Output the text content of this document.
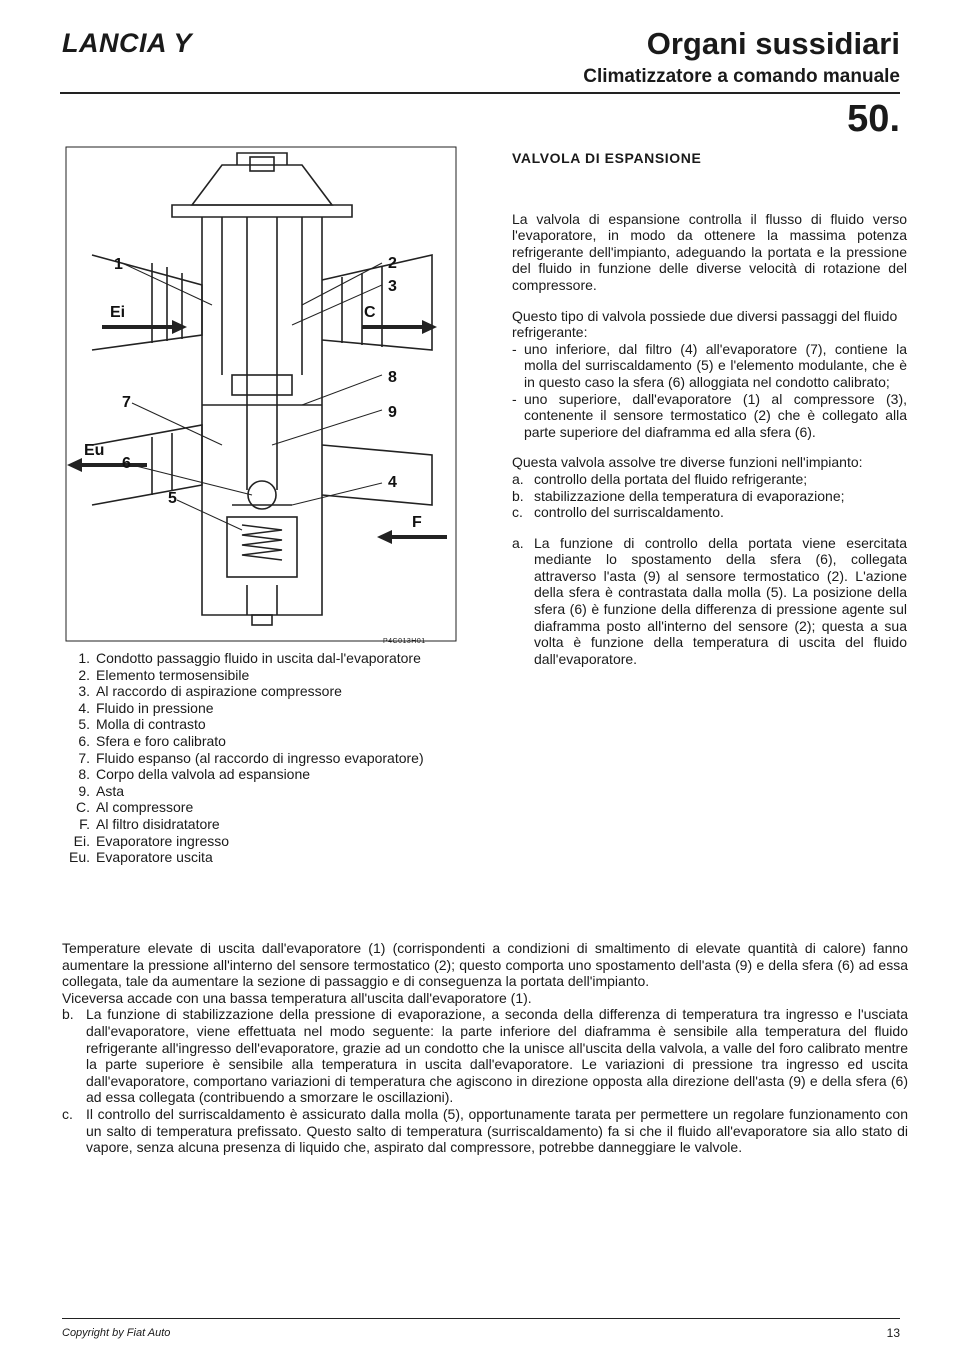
LANCIA Y	Organi sussidiari
Climatizzatore a comando manuale
50.
1	2
3
C
Ei
7
8
9
Eu
6
4
5
F
P4C013H01
1. Condotto passaggio fluido in uscita dal-l'evaporatore
2. Elemento termosensibile
3. Al raccordo di aspirazione compressore
4. Fluido in pressione
5. Molla di contrasto
6. Sfera e foro calibrato
7. Fluido espanso (al raccordo di ingresso evaporatore)
8. Corpo della valvola ad espansione
9. Asta
C. Al compressore
F. Al filtro disidratatore
Ei. Evaporatore ingresso
Eu. Evaporatore uscita
VALVOLA DI ESPANSIONE

La valvola di espansione controlla il flusso di fluido verso l'evaporatore, in modo da ottenere la massima potenza refrigerante dell'impianto, adeguando la portata e la pressione del fluido in funzione delle diverse velocità di rotazione del compressore.

Questo tipo di valvola possiede due diversi passaggi del fluido refrigerante:
- uno inferiore, dal filtro (4) all'evaporatore (7), contiene la molla del surriscaldamento (5) e l'elemento modulante, che è in questo caso la sfera (6) alloggiata nel condotto calibrato;
- uno superiore, dall'evaporatore (1) al compressore (3), contenente il sensore termostatico (2) che è collegato alla parte superiore del diaframma ed alla sfera (6).
Questa valvola assolve tre diverse funzioni nell'impianto:
a. controllo della portata del fluido refrigerante;
b. stabilizzazione della temperatura di evaporazione;
c. controllo del surriscaldamento.
a. La funzione di controllo della portata viene esercitata mediante lo spostamento della sfera (6), collegata attraverso l'asta (9) al sensore termostatico (2). L'azione della sfera è contrastata dalla molla (5). La posizione della sfera (6) è funzione della differenza di pressione agente sul diaframma posto all'interno del sensore (2); questa a sua volta è funzione della temperatura di uscita del fluido dall'evaporatore.
Temperature elevate di uscita dall'evaporatore (1) (corrispondenti a condizioni di smaltimento di elevate quantità di calore) fanno aumentare la pressione all'interno del sensore termostatico (2); questo comporta uno spostamento dell'asta (9) e della sfera (6) ad essa collegata, tale da aumentare la sezione di passaggio e di conseguenza la portata dell'impianto.
Viceversa accade con una bassa temperatura all'uscita dall'evaporatore (1).
b. La funzione di stabilizzazione della pressione di evaporazione, a seconda della differenza di temperatura tra ingresso e l'usciata dall'evaporatore, viene effettuata nel modo seguente: la parte inferiore del diaframma è sensibile alla temperatura del fluido refrigerante all'ingresso dell'evaporatore, grazie ad un condotto che la unisce all'uscita della valvola, a valle del foro calibrato mentre la parte superiore è sensibile alla temperatura in uscita dall'evaporatore. Le variazioni di pressione tra ingresso ed uscita dall'evaporatore, comportano variazioni di temperatura che agiscono in direzione opposta alla direzione dell'asta (9) e della sfera (6) ad essa collegata (contribuendo a smorzare le oscillazioni).
c. Il controllo del surriscaldamento è assicurato dalla molla (5), opportunamente tarata per permettere un regolare funzionamento con un salto di temperatura prefissato. Questo salto di temperatura (surriscaldamento) fa si che il fluido all'evaporatore sia allo stato di vapore, senza alcuna presenza di liquido che, aspirato dal compressore, potrebbe danneggiare le valvole.
Copyright by Fiat Auto	13
